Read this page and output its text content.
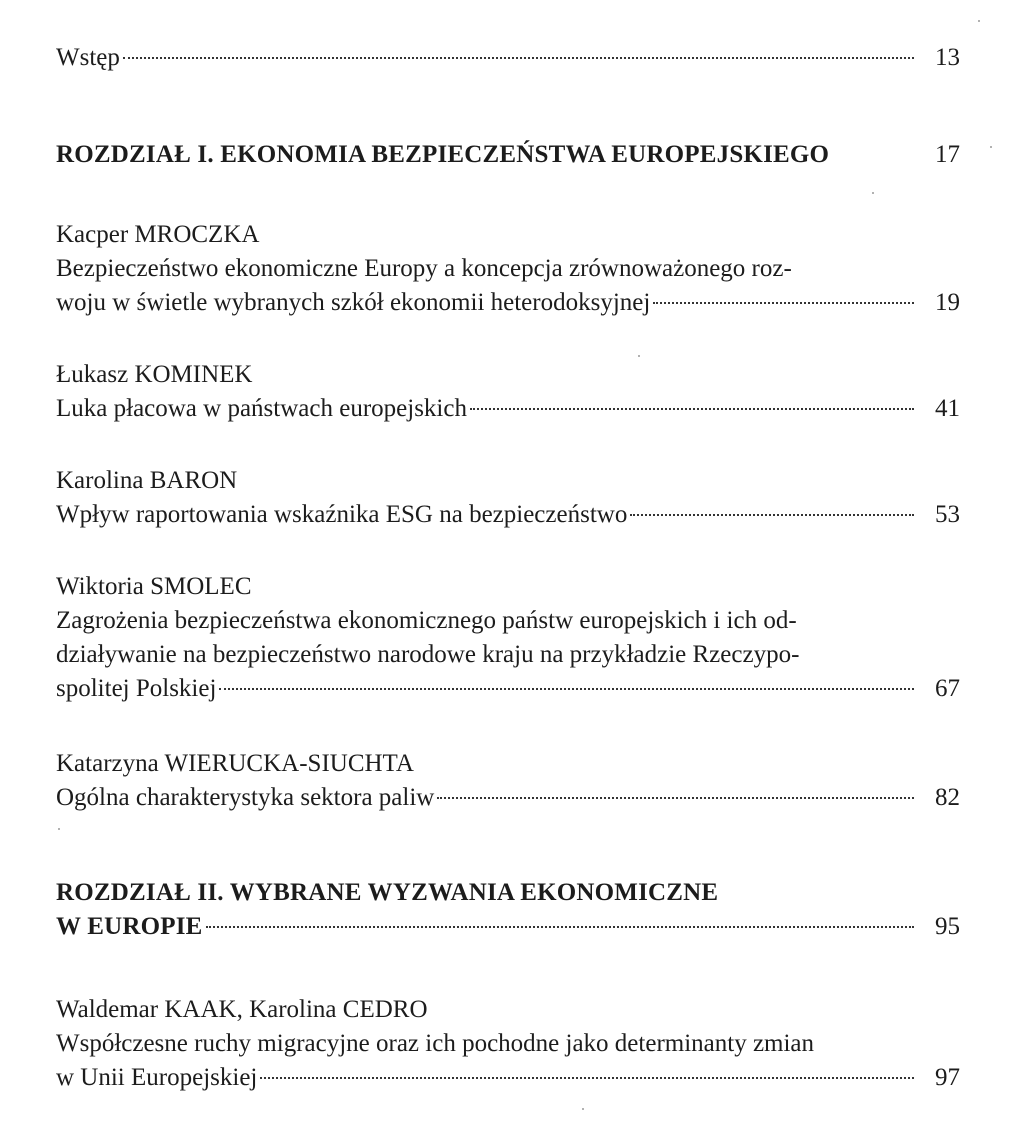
Wstęp	13
ROZDZIAŁ I. EKONOMIA BEZPIECZEŃSTWA EUROPEJSKIEGO	17
Kacper MROCZKA
Bezpieczeństwo ekonomiczne Europy a koncepcja zrównoważonego roz-
woju w świetle wybranych szkół ekonomii heterodoksyjnej	19
Łukasz KOMINEK
Luka płacowa w państwach europejskich	41
Karolina BARON
Wpływ raportowania wskaźnika ESG na bezpieczeństwo	53
Wiktoria SMOLEC
Zagrożenia bezpieczeństwa ekonomicznego państw europejskich i ich od-
działywanie na bezpieczeństwo narodowe kraju na przykładzie Rzeczypo-
spolitej Polskiej	67
Katarzyna WIERUCKA-SIUCHTA
Ogólna charakterystyka sektora paliw	82
ROZDZIAŁ II. WYBRANE WYZWANIA EKONOMICZNE
W EUROPIE	95
Waldemar KAAK, Karolina CEDRO
Współczesne ruchy migracyjne oraz ich pochodne jako determinanty zmian
w Unii Europejskiej	97
